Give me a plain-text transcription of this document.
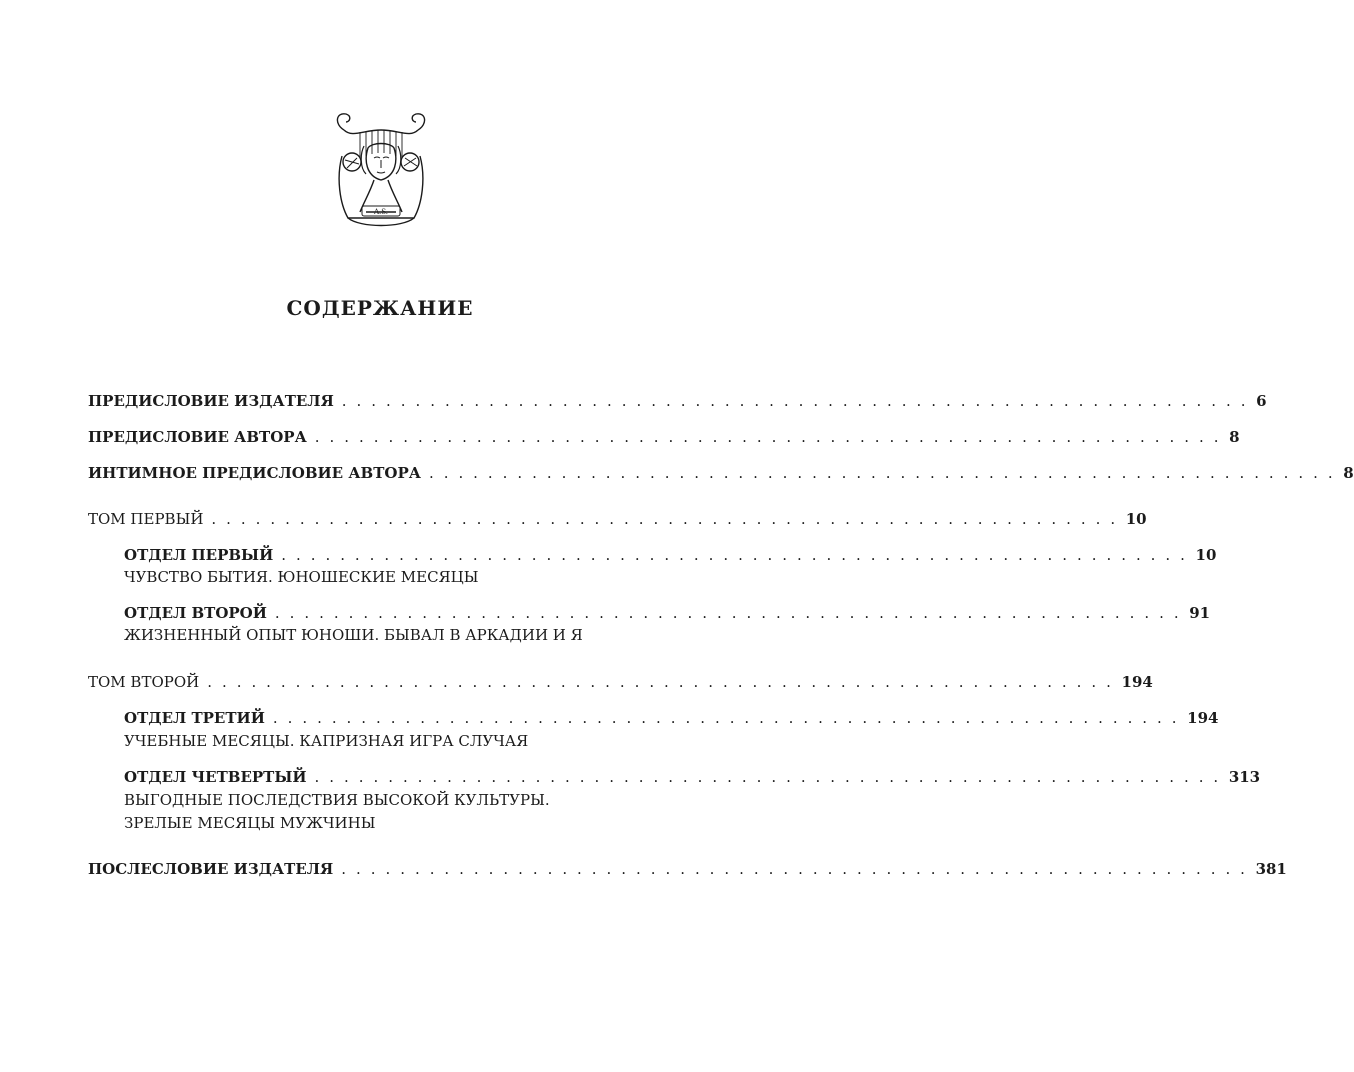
A.S.
СОДЕРЖАНИЕ
ПРЕДИСЛОВИЕ ИЗДАТЕЛЯ . . . . . . . . . . . . . . . . . . . . . . . . . . . . . . . . . . . . . . . . . . . . . . . . . . . . . . . . . . . . . . 6
ПРЕДИСЛОВИЕ АВТОРА . . . . . . . . . . . . . . . . . . . . . . . . . . . . . . . . . . . . . . . . . . . . . . . . . . . . . . . . . . . . . . 8
ИНТИМНОЕ ПРЕДИСЛОВИЕ АВТОРА . . . . . . . . . . . . . . . . . . . . . . . . . . . . . . . . . . . . . . . . . . . . . . . . . . . . . . . . . . . . . . 8
ТОМ ПЕРВЫЙ . . . . . . . . . . . . . . . . . . . . . . . . . . . . . . . . . . . . . . . . . . . . . . . . . . . . . . . . . . . . . . 10
ОТДЕЛ ПЕРВЫЙ . . . . . . . . . . . . . . . . . . . . . . . . . . . . . . . . . . . . . . . . . . . . . . . . . . . . . . . . . . . . . . 10
ЧУВСТВО БЫТИЯ. ЮНОШЕСКИЕ МЕСЯЦЫ
ОТДЕЛ ВТОРОЙ . . . . . . . . . . . . . . . . . . . . . . . . . . . . . . . . . . . . . . . . . . . . . . . . . . . . . . . . . . . . . . 91
ЖИЗНЕННЫЙ ОПЫТ ЮНОШИ. БЫВАЛ В АРКАДИИ И Я
ТОМ ВТОРОЙ . . . . . . . . . . . . . . . . . . . . . . . . . . . . . . . . . . . . . . . . . . . . . . . . . . . . . . . . . . . . . . 194
ОТДЕЛ ТРЕТИЙ . . . . . . . . . . . . . . . . . . . . . . . . . . . . . . . . . . . . . . . . . . . . . . . . . . . . . . . . . . . . . . 194
УЧЕБНЫЕ МЕСЯЦЫ. КАПРИЗНАЯ ИГРА СЛУЧАЯ
ОТДЕЛ ЧЕТВЕРТЫЙ . . . . . . . . . . . . . . . . . . . . . . . . . . . . . . . . . . . . . . . . . . . . . . . . . . . . . . . . . . . . . . 313
ВЫГОДНЫЕ ПОСЛЕДСТВИЯ ВЫСОКОЙ КУЛЬТУРЫ.
ЗРЕЛЫЕ МЕСЯЦЫ МУЖЧИНЫ
ПОСЛЕСЛОВИЕ ИЗДАТЕЛЯ . . . . . . . . . . . . . . . . . . . . . . . . . . . . . . . . . . . . . . . . . . . . . . . . . . . . . . . . . . . . . . 381
